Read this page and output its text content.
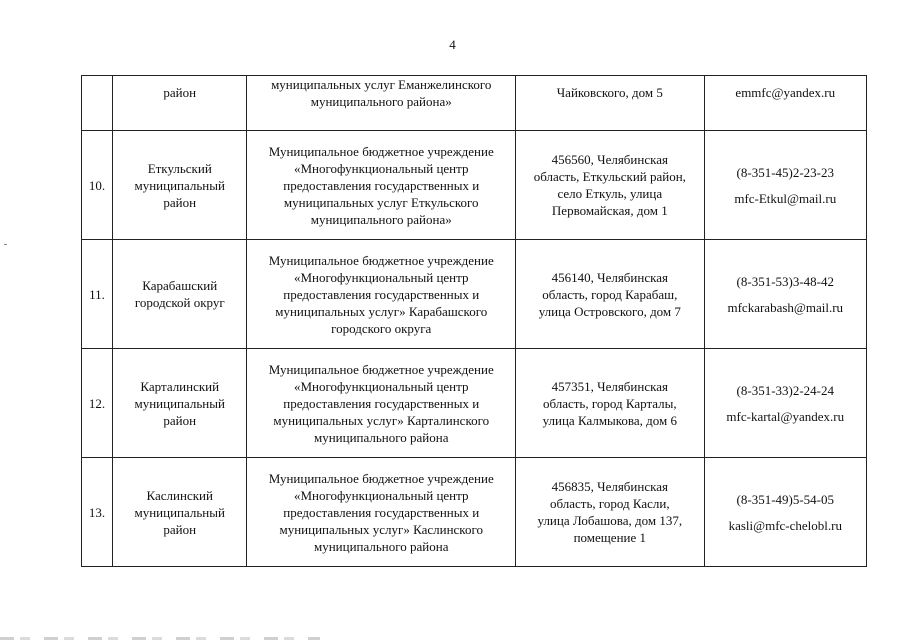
4

	район	муниципальных услуг Еманжелинского
муниципального района»	Чайковского, дом 5	emmfc@yandex.ru

10.	Еткульский
муниципальный
район	Муниципальное бюджетное учреждение
«Многофункциональный центр
предоставления государственных и
муниципальных услуг Еткульского
муниципального района»	456560, Челябинская
область, Еткульский район,
село Еткуль, улица
Первомайская, дом 1	(8-351-45)2-23-23
mfc-Etkul@mail.ru

11.	Карабашский
городской округ	Муниципальное бюджетное учреждение
«Многофункциональный центр
предоставления государственных и
муниципальных услуг» Карабашского
городского округа	456140, Челябинская
область, город Карабаш,
улица Островского, дом 7	(8-351-53)3-48-42
mfckarabash@mail.ru

12.	Карталинский
муниципальный
район	Муниципальное бюджетное учреждение
«Многофункциональный центр
предоставления государственных и
муниципальных услуг» Карталинского
муниципального района	457351, Челябинская
область, город Карталы,
улица Калмыкова, дом 6	(8-351-33)2-24-24
mfc-kartal@yandex.ru

13.	Каслинский
муниципальный
район	Муниципальное бюджетное учреждение
«Многофункциональный центр
предоставления государственных и
муниципальных услуг» Каслинского
муниципального района	456835, Челябинская
область, город Касли,
улица Лобашова, дом 137,
помещение 1	(8-351-49)5-54-05
kasli@mfc-chelobl.ru
